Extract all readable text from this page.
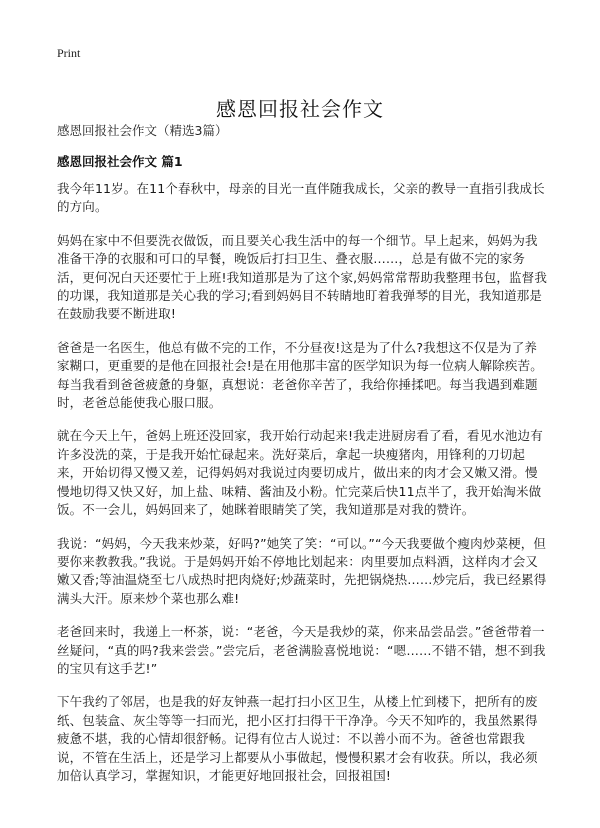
Print
感恩回报社会作文
感恩回报社会作文（精选3篇）
感恩回报社会作文 篇1

我今年11岁。在11个春秋中，母亲的目光一直伴随我成长，父亲的教导一直指引我成长的方向。

妈妈在家中不但要洗衣做饭，而且要关心我生活中的每一个细节。早上起来，妈妈为我准备干净的衣服和可口的早餐，晚饭后打扫卫生、叠衣服……，总是有做不完的家务活，更何况白天还要忙于上班!我知道那是为了这个家,妈妈常常帮助我整理书包，监督我的功课，我知道那是关心我的学习;看到妈妈目不转睛地盯着我弹琴的目光，我知道那是在鼓励我要不断进取!

爸爸是一名医生，他总有做不完的工作，不分昼夜!这是为了什么?我想这不仅是为了养家糊口，更重要的是他在回报社会!是在用他那丰富的医学知识为每一位病人解除疾苦。每当我看到爸爸疲惫的身躯，真想说：老爸你辛苦了，我给你捶揉吧。每当我遇到难题时，老爸总能使我心服口服。

就在今天上午，爸妈上班还没回家，我开始行动起来!我走进厨房看了看，看见水池边有许多没洗的菜，于是我开始忙碌起来。洗好菜后，拿起一块瘦猪肉，用锋利的刀切起来，开始切得又慢又差，记得妈妈对我说过肉要切成片，做出来的肉才会又嫩又滑。慢慢地切得又快又好，加上盐、味精、酱油及小粉。忙完菜后快11点半了，我开始淘米做饭。不一会儿，妈妈回来了，她眯着眼睛笑了笑，我知道那是对我的赞许。

我说：“妈妈，今天我来炒菜，好吗?”她笑了笑：“可以。”“今天我要做个瘦肉炒菜梗，但要你来教教我。”我说。于是妈妈开始不停地比划起来：肉里要加点料酒，这样肉才会又嫩又香;等油温烧至七八成热时把肉烧好;炒蔬菜时，先把锅烧热……炒完后，我已经累得满头大汗。原来炒个菜也那么难!

老爸回来时，我递上一杯茶，说：“老爸，今天是我炒的菜，你来品尝品尝。”爸爸带着一丝疑问，“真的吗?我来尝尝。”尝完后，老爸满脸喜悦地说：“嗯……不错不错，想不到我的宝贝有这手艺!”

下午我约了邻居，也是我的好友钟燕一起打扫小区卫生，从楼上忙到楼下，把所有的废纸、包装盒、灰尘等等一扫而光，把小区打扫得干干净净。今天不知咋的，我虽然累得疲惫不堪，我的心情却很舒畅。记得有位古人说过：不以善小而不为。爸爸也常跟我说，不管在生活上，还是学习上都要从小事做起，慢慢积累才会有收获。所以，我必须加倍认真学习，掌握知识，才能更好地回报社会，回报祖国!
